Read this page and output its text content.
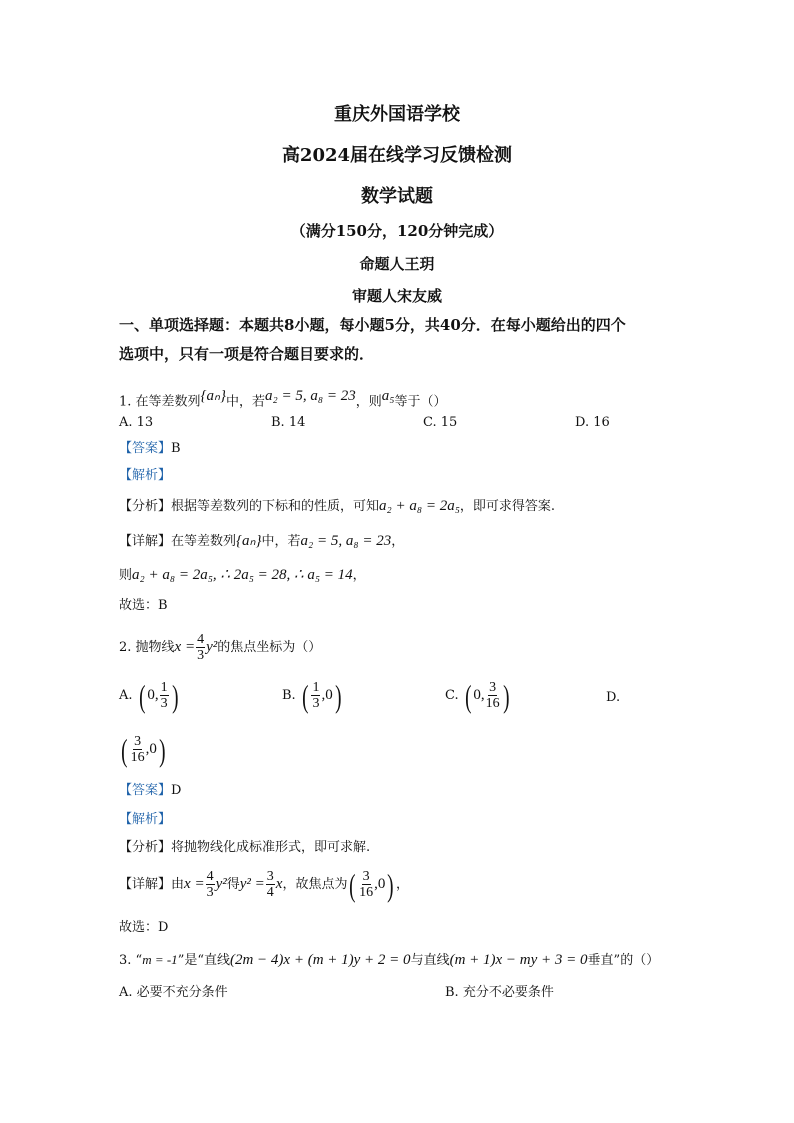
重庆外国语学校
高2024届在线学习反馈检测
数学试题
（满分150分，120分钟完成）
命题人王玥
审题人宋友威
一、单项选择题：本题共8小题，每小题5分，共40分．在每小题给出的四个
选项中，只有一项是符合题目要求的．
1. 在等差数列$^{\{a_n\}}$中，若$^{a_2 = 5, a_8 = 23}$，则$^{a_5}$等于（）
A. 13	B. 14	C. 15	D. 16
【答案】B
【解析】
【分析】根据等差数列的下标和的性质，可知a₂ + a₈ = 2a₅，即可求得答案.
【详解】在等差数列{aₙ}中，若a₂ = 5, a₈ = 23，
则a₂ + a₈ = 2a₅, ∴ 2a₅ = 28, ∴ a₅ = 14，
故选：B
2. 抛物线$x = \frac{4}{3} y^2$的焦点坐标为（）
A. ( 0, $\frac{1}{3}$ )	B. ( $\frac{1}{3} ,0$)	C. ( 0, $\frac{3}{16}$ )	D.
( $\frac{3}{16} ,0$)
【答案】D
【解析】
【分析】将抛物线化成标准形式，即可求解.
【详解】由$x = \frac{4}{3} y^2$得$y^2 = \frac{3}{4}$ x，故焦点为( $\frac{3}{16} ,0$) ，
故选：D
3. “m = -1”是“直线(2m − 4)x + (m + 1)y + 2 = 0与直线(m + 1)x − my + 3 = 0垂直”的（）
A. 必要不充分条件	B. 充分不必要条件
